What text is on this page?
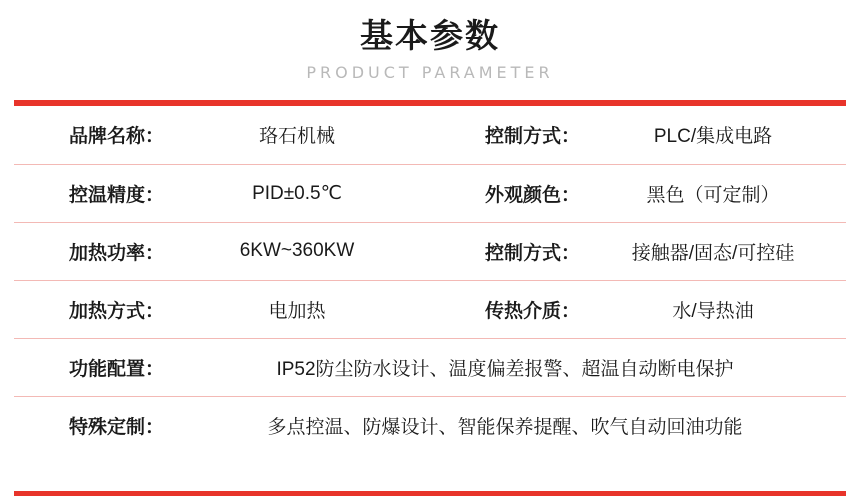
基本参数
PRODUCT PARAMETER
品牌名称：	珞石机械	控制方式：	PLC/集成电路
控温精度：	PID±0.5℃	外观颜色：	黑色（可定制）
加热功率：	6KW~360KW	控制方式：	接触器/固态/可控硅
加热方式：	电加热	传热介质：	水/导热油
功能配置：	IP52防尘防水设计、温度偏差报警、超温自动断电保护		
特殊定制：	多点控温、防爆设计、智能保养提醒、吹气自动回油功能		
